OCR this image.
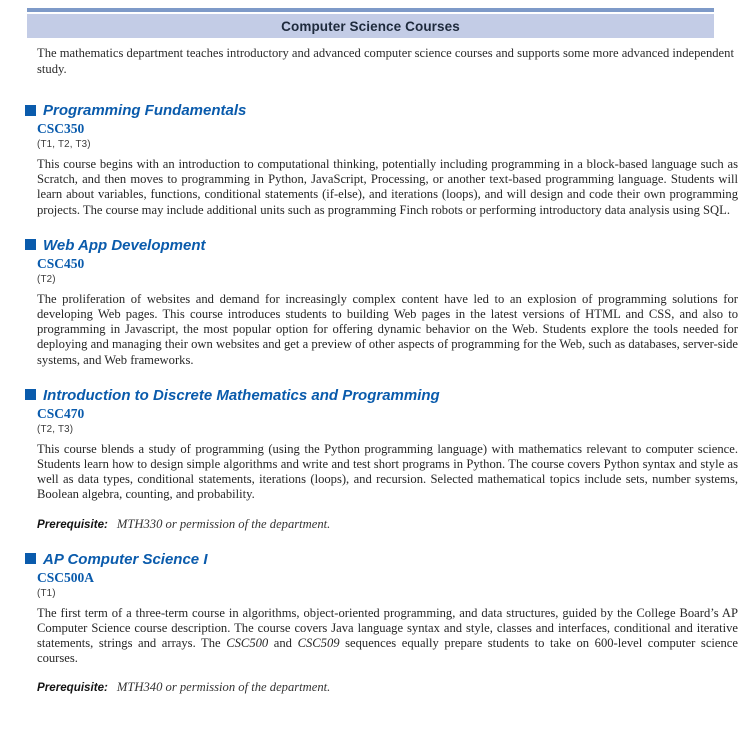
Computer Science Courses

The mathematics department teaches introductory and advanced computer science courses and supports some more advanced independent study.

Programming Fundamentals
CSC350
(T1, T2, T3)

This course begins with an introduction to computational thinking, potentially including programming in a block-based language such as Scratch, and then moves to programming in Python, JavaScript, Processing, or another text-based programming language. Students will learn about variables, functions, conditional statements (if-else), and iterations (loops), and will design and code their own programming projects. The course may include additional units such as programming Finch robots or performing introductory data analysis using SQL.

Web App Development
CSC450
(T2)

The proliferation of websites and demand for increasingly complex content have led to an explosion of programming solutions for developing Web pages. This course introduces students to building Web pages in the latest versions of HTML and CSS, and also to programming in Javascript, the most popular option for offering dynamic behavior on the Web. Students explore the tools needed for deploying and managing their own websites and get a preview of other aspects of programming for the Web, such as databases, server-side systems, and Web frameworks.

Introduction to Discrete Mathematics and Programming
CSC470
(T2, T3)

This course blends a study of programming (using the Python programming language) with mathematics relevant to computer science. Students learn how to design simple algorithms and write and test short programs in Python. The course covers Python syntax and style as well as data types, conditional statements, iterations (loops), and recursion. Selected mathematical topics include sets, number systems, Boolean algebra, counting, and probability.

Prerequisite: MTH330 or permission of the department.

AP Computer Science I
CSC500A
(T1)

The first term of a three-term course in algorithms, object-oriented programming, and data structures, guided by the College Board’s AP Computer Science course description. The course covers Java language syntax and style, classes and interfaces, conditional and iterative statements, strings and arrays. The CSC500 and CSC509 sequences equally prepare students to take on 600-level computer science courses.

Prerequisite: MTH340 or permission of the department.
